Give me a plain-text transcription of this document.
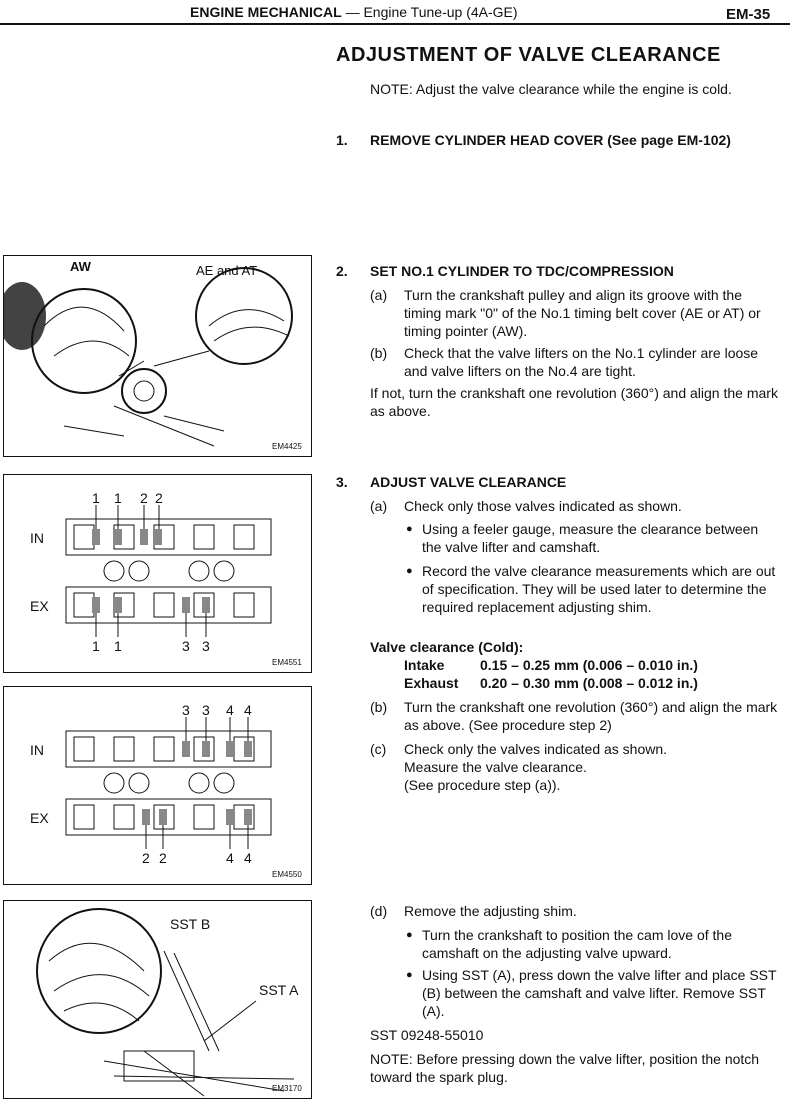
ENGINE MECHANICAL — Engine Tune-up (4A-GE)	EM-35
ADJUSTMENT OF VALVE CLEARANCE
NOTE: Adjust the valve clearance while the engine is cold.
1. REMOVE CYLINDER HEAD COVER (See page EM-102)
2. SET NO.1 CYLINDER TO TDC/COMPRESSION
(a) Turn the crankshaft pulley and align its groove with the timing mark "0" of the No.1 timing belt cover (AE or AT) or timing pointer (AW).
(b) Check that the valve lifters on the No.1 cylinder are loose and valve lifters on the No.4 are tight.
If not, turn the crankshaft one revolution (360°) and align the mark as above.
3. ADJUST VALVE CLEARANCE
(a) Check only those valves indicated as shown.
● Using a feeler gauge, measure the clearance between the valve lifter and camshaft.
● Record the valve clearance measurements which are out of specification. They will be used later to determine the required replacement adjusting shim.
Valve clearance (Cold):
Intake	0.15 – 0.25 mm (0.006 – 0.010 in.)
Exhaust 0.20 – 0.30 mm (0.008 – 0.012 in.)
(b) Turn the crankshaft one revolution (360°) and align the mark as above. (See procedure step 2)
(c) Check only the valves indicated as shown.
Measure the valve clearance.
(See procedure step (a)).
(d) Remove the adjusting shim.
● Turn the crankshaft to position the cam love of the camshaft on the adjusting valve upward.
● Using SST (A), press down the valve lifter and place SST (B) between the camshaft and valve lifter. Remove SST (A).
SST 09248-55010
NOTE: Before pressing down the valve lifter, position the notch toward the spark plug.
AW	AE and AT
EM4425
IN
EX
1 1 2 2
1 1	3 3
EM4551
IN
EX
3 3 4 4
2 2	4 4
EM4550
SST B
SST A
EM3170
